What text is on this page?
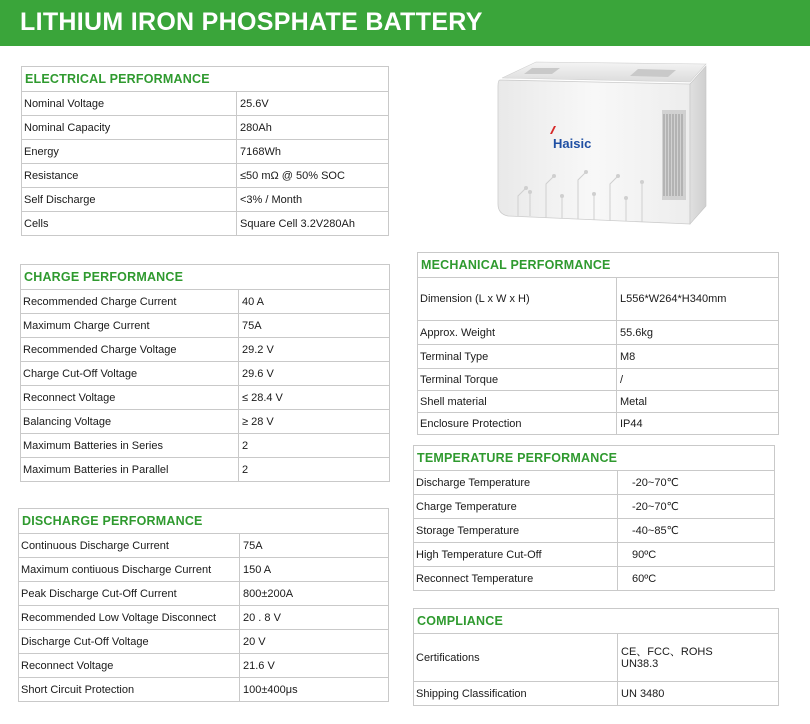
LITHIUM IRON PHOSPHATE BATTERY
Haisic
ELECTRICAL PERFORMANCE	
Nominal Voltage	25.6V
Nominal Capacity	280Ah
Energy	7168Wh
Resistance	≤50 mΩ @ 50% SOC
Self Discharge	<3% / Month
Cells	Square Cell 3.2V280Ah
CHARGE PERFORMANCE	
Recommended Charge Current	40 A
Maximum Charge Current	75A
Recommended Charge Voltage	29.2 V
Charge Cut-Off Voltage	29.6 V
Reconnect Voltage	≤ 28.4 V
Balancing Voltage	≥ 28 V
Maximum Batteries in Series	2
Maximum Batteries in Parallel	2
DISCHARGE PERFORMANCE	
Continuous Discharge Current	75A
Maximum contiuous Discharge Current	150 A
Peak Discharge Cut-Off Current	800±200A
Recommended Low Voltage Disconnect	20 . 8 V
Discharge Cut-Off Voltage	20 V
Reconnect Voltage	21.6 V
Short Circuit Protection	100±400μs
MECHANICAL PERFORMANCE	
Dimension (L x W x H)	L556*W264*H340mm
Approx. Weight	55.6kg
Terminal Type	M8
Terminal Torque	/
Shell material	Metal
Enclosure Protection	IP44
TEMPERATURE PERFORMANCE	
Discharge Temperature	-20~70℃
Charge Temperature	-20~70℃
Storage Temperature	-40~85℃
High Temperature Cut-Off	90ºC
Reconnect Temperature	60ºC
COMPLIANCE	
Certifications	CE、FCC、ROHS
UN38.3

Shipping Classification	UN 3480
